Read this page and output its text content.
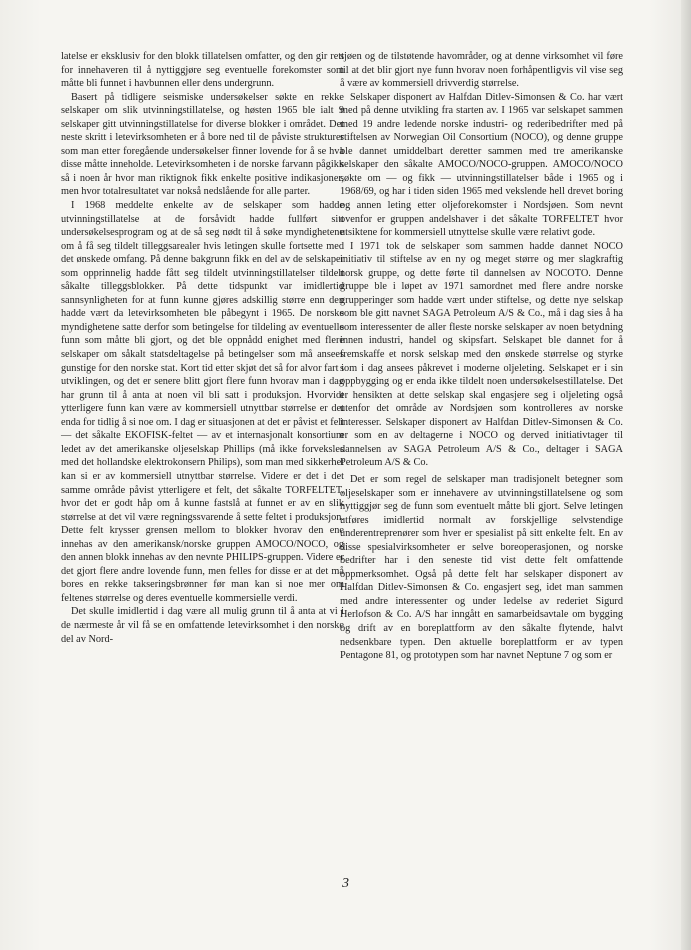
latelse er eksklusiv for den blokk tillatelsen omfatter, og den gir rett for innehaveren til å nyttiggjøre seg eventuelle forekomster som måtte bli funnet i havbunnen eller dens undergrunn.

Basert på tidligere seismiske undersøkelser søkte en rekke selskaper om slik utvinningstillatelse, og høsten 1965 ble ialt 9 selskaper gitt utvinningstillatelse for diverse blokker i området. Det neste skritt i letevirksomheten er å bore ned til de påviste strukturer som man etter foregående undersøkelser finner lovende for å se hva disse måtte inneholde. Letevirksomheten i de norske farvann pågikk så i noen år hvor man riktignok fikk enkelte positive indikasjoner, men hvor totalresultatet var nokså nedslående for alle parter.

I 1968 meddelte enkelte av de selskaper som hadde utvinningstillatelse at de forsåvidt hadde fullført sitt undersøkelsesprogram og at de så seg nødt til å søke myndighetene om å få seg tildelt tilleggsarealer hvis letingen skulle fortsette med det ønskede omfang. På denne bakgrunn fikk en del av de selskaper som opprinnelig hadde fått seg tildelt utvinningstillatelser tildelt såkalte tilleggsblokker. På dette tidspunkt var imidlertid sannsynligheten for at funn kunne gjøres adskillig større enn den hadde vært da letevirksomheten ble påbegynt i 1965. De norske myndighetene satte derfor som betingelse for tildeling av eventuelle funn som måtte bli gjort, og det ble oppnådd enighet med flere selskaper om såkalt statsdeltagelse på betingelser som må ansees gunstige for den norske stat. Kort tid etter skjøt det så for alvor fart i utviklingen, og det er senere blitt gjort flere funn hvorav man i dag har grunn til å anta at noen vil bli satt i produksjon. Hvorvidt ytterligere funn kan være av kommersiell utnyttbar størrelse er det enda for tidlig å si noe om. I dag er situasjonen at det er påvist et felt — det såkalte EKOFISK-feltet — av et internasjonalt konsortium ledet av det amerikanske oljeselskap Phillips (må ikke forveksles med det hollandske elektrokonsern Philips), som man med sikkerhet kan si er av kommersiell utnyttbar størrelse. Videre er det i det samme område påvist ytterligere et felt, det såkalte TORFELTET, hvor det er godt håp om å kunne fastslå at funnet er av en slik størrelse at det vil være regningssvarende å sette feltet i produksjon. Dette felt krysser grensen mellom to blokker hvorav den ene innehas av den amerikansk/norske gruppen AMOCO/NOCO, og den annen blokk innehas av den nevnte PHILIPS-gruppen. Videre er det gjort flere andre lovende funn, men felles for disse er at det må bores en rekke takseringsbrønner før man kan si noe mer om feltenes størrelse og deres eventuelle kommersielle verdi.

Det skulle imidlertid i dag være all mulig grunn til å anta at vi i de nærmeste år vil få se en omfattende letevirksomhet i den norske del av Nord-

sjøen og de tilstøtende havområder, og at denne virksomhet vil føre til at det blir gjort nye funn hvorav noen forhåpentligvis vil vise seg å være av kommersiell drivverdig størrelse.

Selskaper disponert av Halfdan Ditlev-Simonsen & Co. har vært med på denne utvikling fra starten av. I 1965 var selskapet sammen med 19 andre ledende norske industri- og rederibedrifter med på stiftelsen av Norwegian Oil Consortium (NOCO), og denne gruppe ble dannet umiddelbart deretter sammen med tre amerikanske selskaper den såkalte AMOCO/NOCO-gruppen. AMOCO/NOCO søkte om — og fikk — utvinningstillatelser både i 1965 og i 1968/69, og har i tiden siden 1965 med vekslende hell drevet boring og annen leting etter oljeforekomster i Nordsjøen. Som nevnt ovenfor er gruppen andelshaver i det såkalte TORFELTET hvor utsiktene for kommersiell utnyttelse skulle være relativt gode.

I 1971 tok de selskaper som sammen hadde dannet NOCO initiativ til stiftelse av en ny og meget større og mer slagkraftig norsk gruppe, og dette førte til dannelsen av NOCOTO. Denne gruppe ble i løpet av 1971 samordnet med flere andre norske grupperinger som hadde vært under stiftelse, og dette nye selskap som ble gitt navnet SAGA Petroleum A/S & Co., må i dag sies å ha som interessenter de aller fleste norske selskaper av noen betydning innen industri, handel og skipsfart. Selskapet ble dannet for å fremskaffe et norsk selskap med den ønskede størrelse og styrke som i dag ansees påkrevet i moderne oljeleting. Selskapet er i sin oppbygging og er enda ikke tildelt noen undersøkelsestillatelse. Det er hensikten at dette selskap skal engasjere seg i oljeleting også utenfor det område av Nordsjøen som kontrolleres av norske interesser. Selskaper disponert av Halfdan Ditlev-Simonsen & Co. er som en av deltagerne i NOCO og derved initiativtager til dannelsen av SAGA Petroleum A/S & Co., deltager i SAGA Petroleum A/S & Co.

Det er som regel de selskaper man tradisjonelt betegner som oljeselskaper som er innehavere av utvinningstillatelsene og som nyttiggjør seg de funn som eventuelt måtte bli gjort. Selve letingen utføres imidlertid normalt av forskjellige selvstendige underentreprenører som hver er spesialist på sitt enkelte felt. En av disse spesialvirksomheter er selve boreoperasjonen, og norske bedrifter har i den seneste tid vist dette felt omfattende oppmerksomhet. Også på dette felt har selskaper disponert av Halfdan Ditlev-Simonsen & Co. engasjert seg, idet man sammen med andre interessenter og under ledelse av rederiet Sigurd Herlofson & Co. A/S har inngått en samarbeidsavtale om bygging og drift av en boreplattform av den såkalte flytende, halvt nedsenkbare typen. Den aktuelle boreplattform er av typen Pentagone 81, og prototypen som har navnet Neptune 7 og som er

3
